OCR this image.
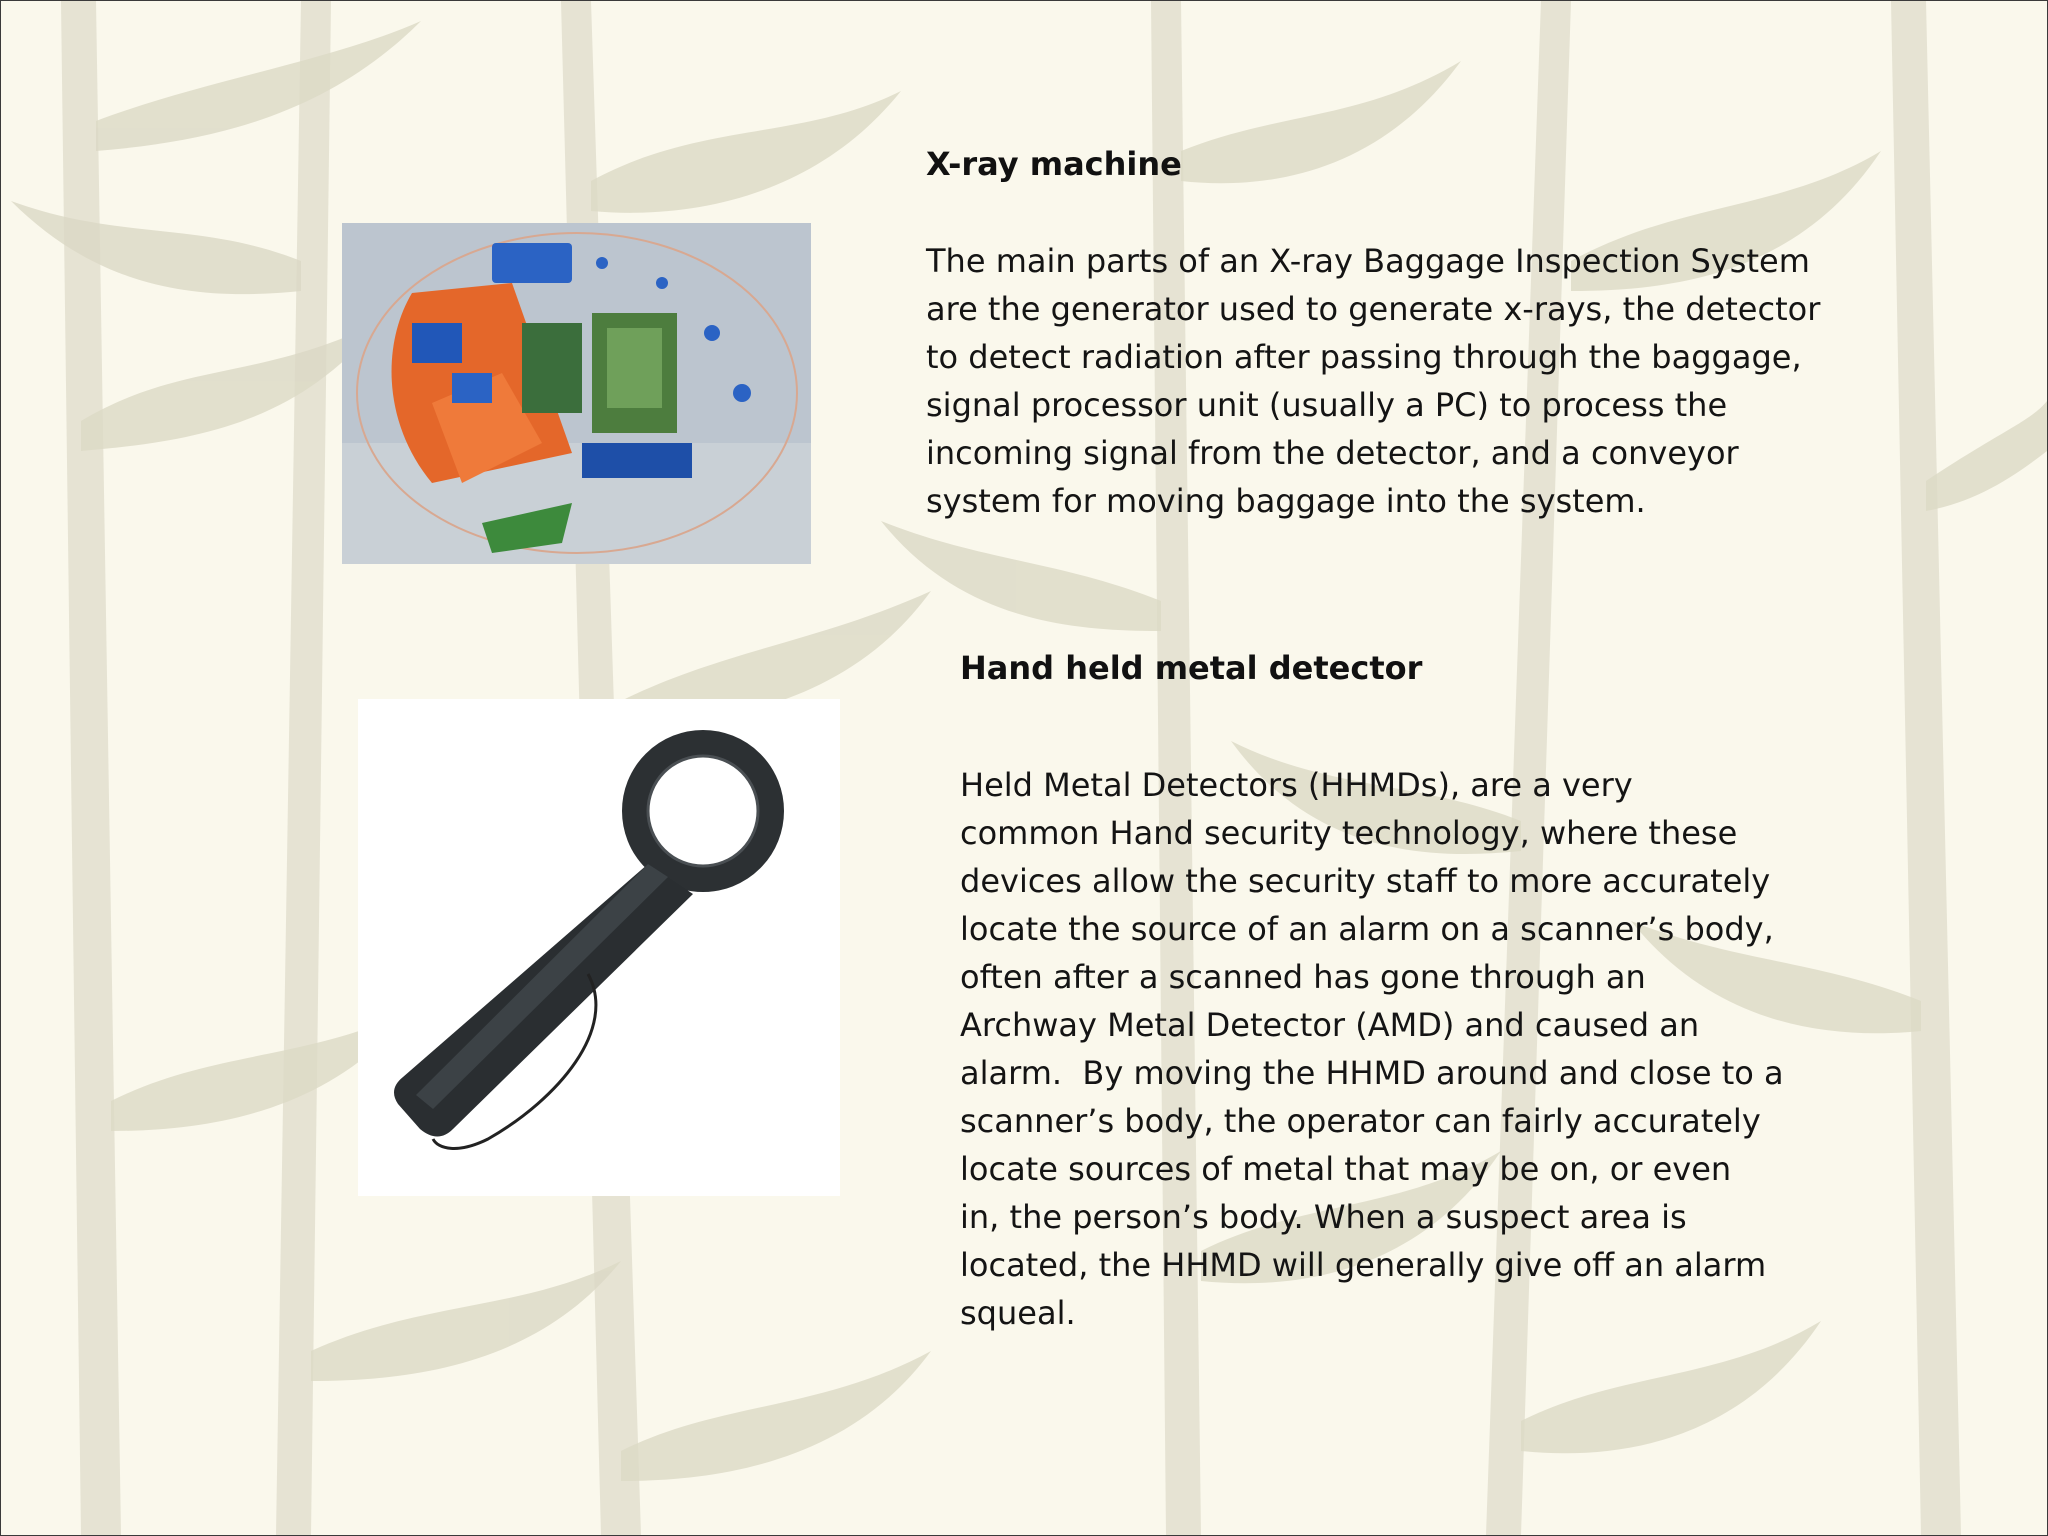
X-ray machine

The main parts of an X-ray Baggage Inspection System
are the generator used to generate x-rays, the detector
to detect radiation after passing through the baggage,
signal processor unit (usually a PC) to process the
incoming signal from the detector, and a conveyor
system for moving baggage into the system.

Hand held metal detector

Held Metal Detectors (HHMDs), are a very
common Hand security technology, where these
devices allow the security staff to more accurately
locate the source of an alarm on a scanner’s body,
often after a scanned has gone through an
Archway Metal Detector (AMD) and caused an
alarm.  By moving the HHMD around and close to a
scanner’s body, the operator can fairly accurately
locate sources of metal that may be on, or even
in, the person’s body. When a suspect area is
located, the HHMD will generally give off an alarm
squeal.
